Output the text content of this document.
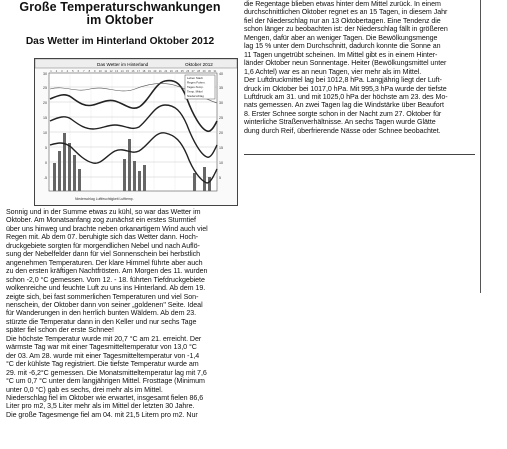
Große Temperaturschwankungen
im Oktober
Das Wetter im Hinterland Oktober 2012
Das Wetter im Hinterland	Oktober 2012
30
25
20
15
10
5
0
-5
40
35
30
25
20
15
10
5
1 2 3 4 5 6 7 8 9 10 11 12 13 14 15 16 17 18 19 20 21 22 23 24 25 26 27 28 29 30 31
Leben Stadt
Regen Fuhrm.
Tages-Temp.
Temp. Mittel
Niederschlag
Niederschlag Luftfeuchtigkeit Lufttemp.
Sonnig und in der Summe etwas zu kühl, so war das Wetter im
Oktober. Am Monatsanfang zog zunächst ein erstes Sturmtief
über uns hinweg und brachte neben orkanartigem Wind auch viel
Regen mit. Ab dem 07. beruhigte sich das Wetter dann. Hoch-
druckgebiete sorgten für morgendlichen Nebel und nach Auflö-
sung der Nebelfelder dann für viel Sonnenschein bei herbstlich
angenehmen Temperaturen. Der klare Himmel führte aber auch
zu den ersten kräftigen Nachtfrösten. Am Morgen des 11. wurden
schon -2,0 °C gemessen. Vom 12. - 18. führten Tiefdruckgebiete
wolkenreiche und feuchte Luft zu uns ins Hinterland. Ab dem 19.
zeigte sich, bei fast sommerlichen Temperaturen und viel Son-
nenschein, der Oktober dann von seiner „goldenen" Seite. Ideal
für Wanderungen in den herrlich bunten Wäldern. Ab dem 23.
stürzte die Temperatur dann in den Keller und nur sechs Tage
später fiel schon der erste Schnee!
Die höchste Temperatur wurde mit 20,7 °C am 21. erreicht. Der
wärmste Tag war mit einer Tagesmitteltemperatur von 13,0 °C
der 03. Am 28. wurde mit einer Tagesmitteltemperatur von -1,4
°C der kühlste Tag registriert. Die tiefste Temperatur wurde am
29. mit -6,2°C gemessen. Die Monatsmitteltemperatur lag mit 7,6
°C um 0,7 °C unter dem langjährigen Mittel. Frosttage (Minimum
unter 0,0 °C) gab es sechs, drei mehr als im Mittel.
Niederschlag fiel im Oktober wie erwartet, insgesamt fielen 86,6
Liter pro m2, 3,5 Liter mehr als im Mittel der letzten 30 Jahre.
Die große Tagesmenge fiel am 04. mit 21,5 Litern pro m2. Nur
die Regentage blieben etwas hinter dem Mittel zurück. In einem
durchschnittlichen Oktober regnet es an 15 Tagen, in diesem Jahr
fiel der Niederschlag nur an 13 Oktobertagen. Eine Tendenz die
schon länger zu beobachten ist: der Niederschlag fällt in größeren
Mengen, dafür aber an weniger Tagen. Die Bewölkungsmenge
lag 15 % unter dem Durchschnitt, dadurch konnte die Sonne an
11 Tagen ungetrübt scheinen. Im Mittel gibt es in einem Hinter-
länder Oktober neun Sonnentage. Heiter (Bewölkungsmittel unter
1,6 Achtel) war es an neun Tagen, vier mehr als im Mittel.
Der Luftdruckmittel lag bei 1012,8 hPa. Langjährig liegt der Luft-
druck im Oktober bei 1017,0 hPa. Mit 995,3 hPa wurde der tiefste
Luftdruck am 31. und mit 1025,0 hPa der höchste am 23. des Mo-
nats gemessen. An zwei Tagen lag die Windstärke über Beaufort
8. Erster Schnee sorgte schon in der Nacht zum 27. Oktober für
winterliche Straßenverhältnisse. An sechs Tagen wurde Glätte
dung durch Reif, überfrierende Nässe oder Schnee beobachtet.
